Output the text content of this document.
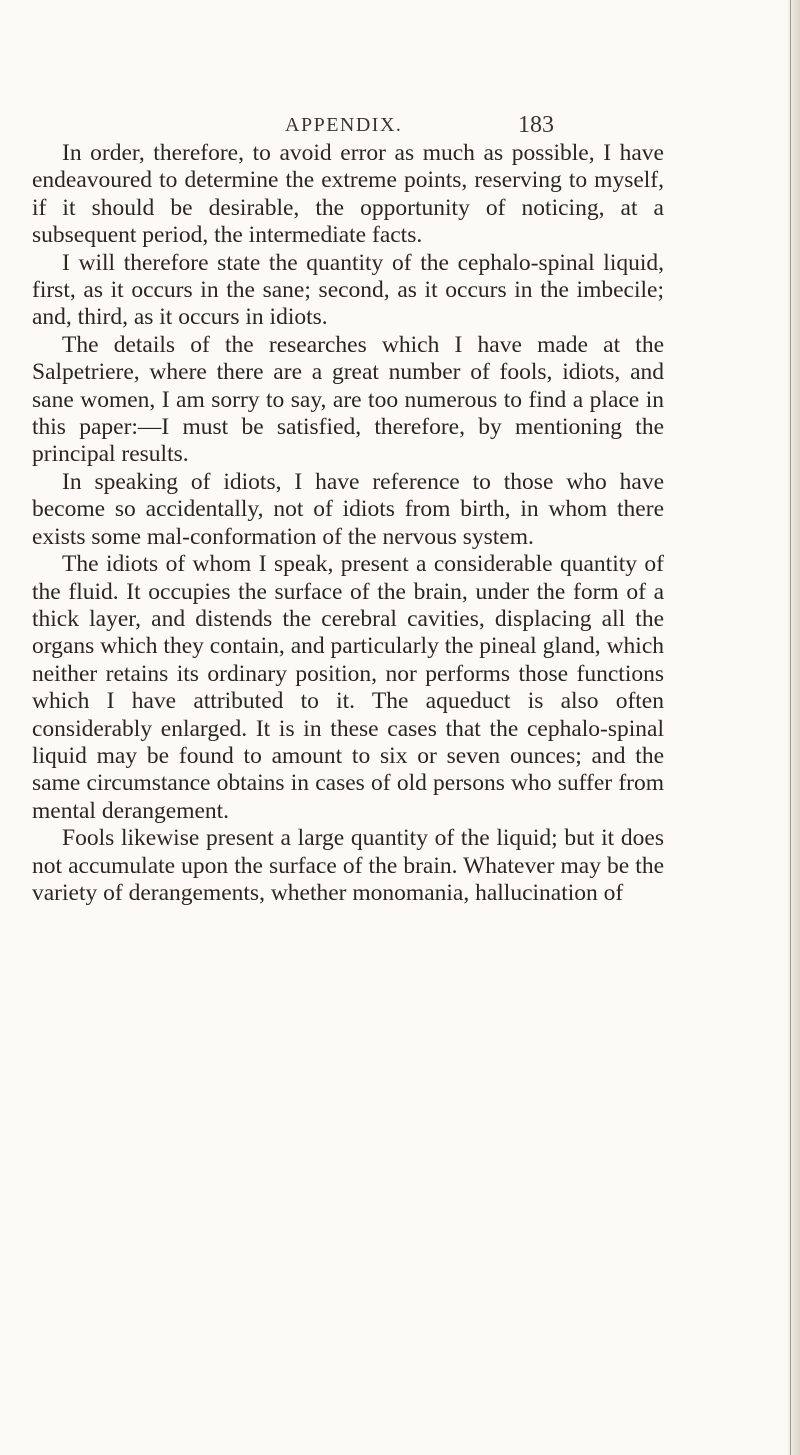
APPENDIX.	183

In order, therefore, to avoid error as much as possible, I have endeavoured to determine the extreme points, reserving to myself, if it should be desirable, the opportunity of noticing, at a subsequent period, the intermediate facts.

I will therefore state the quantity of the cephalo-spinal liquid, first, as it occurs in the sane; second, as it occurs in the imbecile; and, third, as it occurs in idiots.

The details of the researches which I have made at the Salpetriere, where there are a great number of fools, idiots, and sane women, I am sorry to say, are too numerous to find a place in this paper:—I must be satisfied, therefore, by mentioning the principal results.

In speaking of idiots, I have reference to those who have become so accidentally, not of idiots from birth, in whom there exists some mal-conformation of the nervous system.

The idiots of whom I speak, present a considerable quantity of the fluid. It occupies the surface of the brain, under the form of a thick layer, and distends the cerebral cavities, displacing all the organs which they contain, and particularly the pineal gland, which neither retains its ordinary position, nor performs those functions which I have attributed to it. The aqueduct is also often considerably enlarged. It is in these cases that the cephalo-spinal liquid may be found to amount to six or seven ounces; and the same circumstance obtains in cases of old persons who suffer from mental derangement.

Fools likewise present a large quantity of the liquid; but it does not accumulate upon the surface of the brain. Whatever may be the variety of derangements, whether monomania, hallucination of
